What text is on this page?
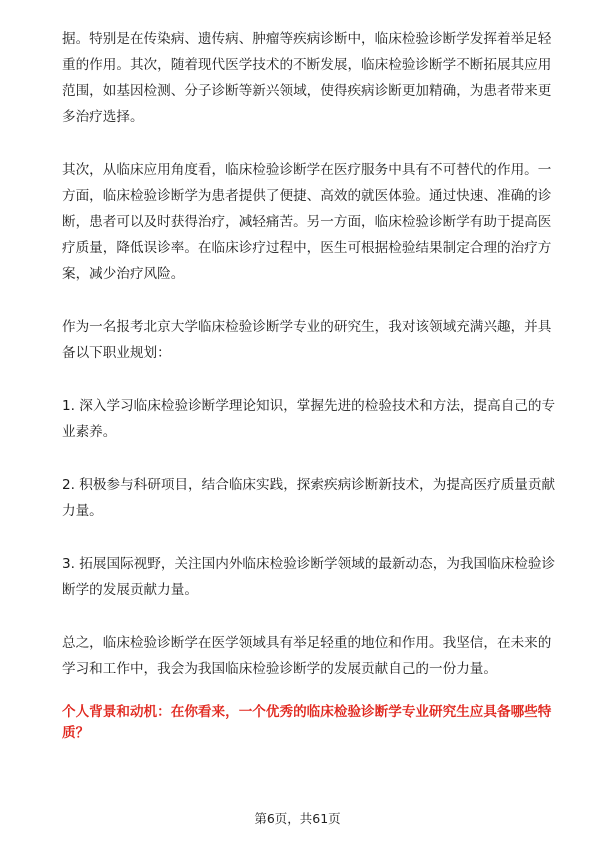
据。特别是在传染病、遗传病、肿瘤等疾病诊断中，临床检验诊断学发挥着举足轻
重的作用。其次，随着现代医学技术的不断发展，临床检验诊断学不断拓展其应用
范围，如基因检测、分子诊断等新兴领域，使得疾病诊断更加精确，为患者带来更
多治疗选择。

其次，从临床应用角度看，临床检验诊断学在医疗服务中具有不可替代的作用。一
方面，临床检验诊断学为患者提供了便捷、高效的就医体验。通过快速、准确的诊
断，患者可以及时获得治疗，减轻痛苦。另一方面，临床检验诊断学有助于提高医
疗质量，降低误诊率。在临床诊疗过程中，医生可根据检验结果制定合理的治疗方
案，减少治疗风险。

作为一名报考北京大学临床检验诊断学专业的研究生，我对该领域充满兴趣，并具
备以下职业规划：

1. 深入学习临床检验诊断学理论知识，掌握先进的检验技术和方法，提高自己的专
业素养。

2. 积极参与科研项目，结合临床实践，探索疾病诊断新技术，为提高医疗质量贡献
力量。

3. 拓展国际视野，关注国内外临床检验诊断学领域的最新动态，为我国临床检验诊
断学的发展贡献力量。

总之，临床检验诊断学在医学领域具有举足轻重的地位和作用。我坚信，在未来的
学习和工作中，我会为我国临床检验诊断学的发展贡献自己的一份力量。

个人背景和动机：在你看来，一个优秀的临床检验诊断学专业研究生应具备哪些特
质？

第6页，共61页
